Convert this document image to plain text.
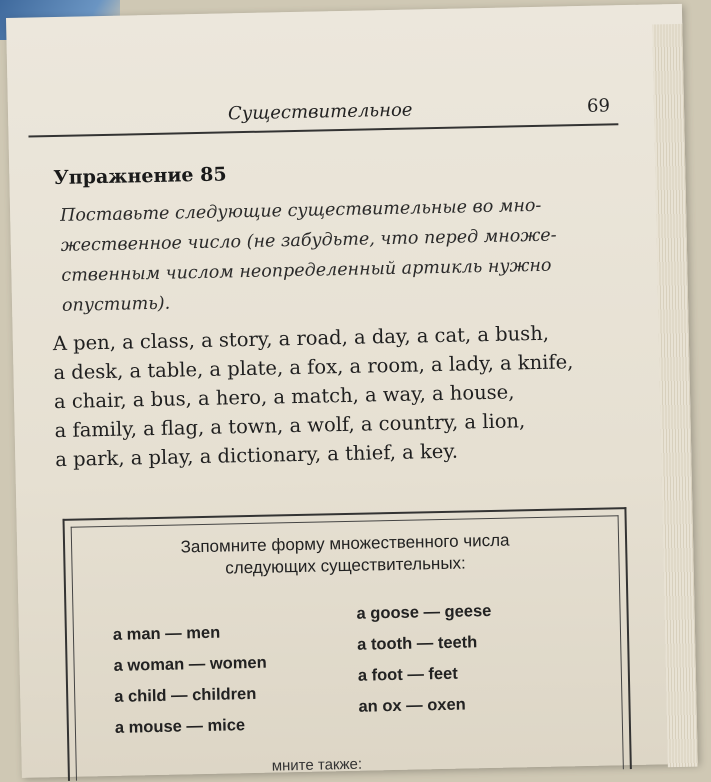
Существительное	69
Упражнение 85

Поставьте следующие существительные во мно-
жественное число (не забудьте, что перед множе-
ственным числом неопределенный артикль нужно
опустить).

A pen, a class, a story, a road, a day, a cat, a bush,
a desk, a table, a plate, a fox, a room, a lady, a knife,
a chair, a bus, a hero, a match, a way, a house,
a family, a flag, a town, a wolf, a country, a lion,
a park, a play, a dictionary, a thief, a key.

Запомните форму множественного числа
следующих существительных:
a man — men
a woman — women
a child — children
a mouse — mice
a goose — geese
a tooth — teeth
a foot — feet
an ox — oxen
мните также:
